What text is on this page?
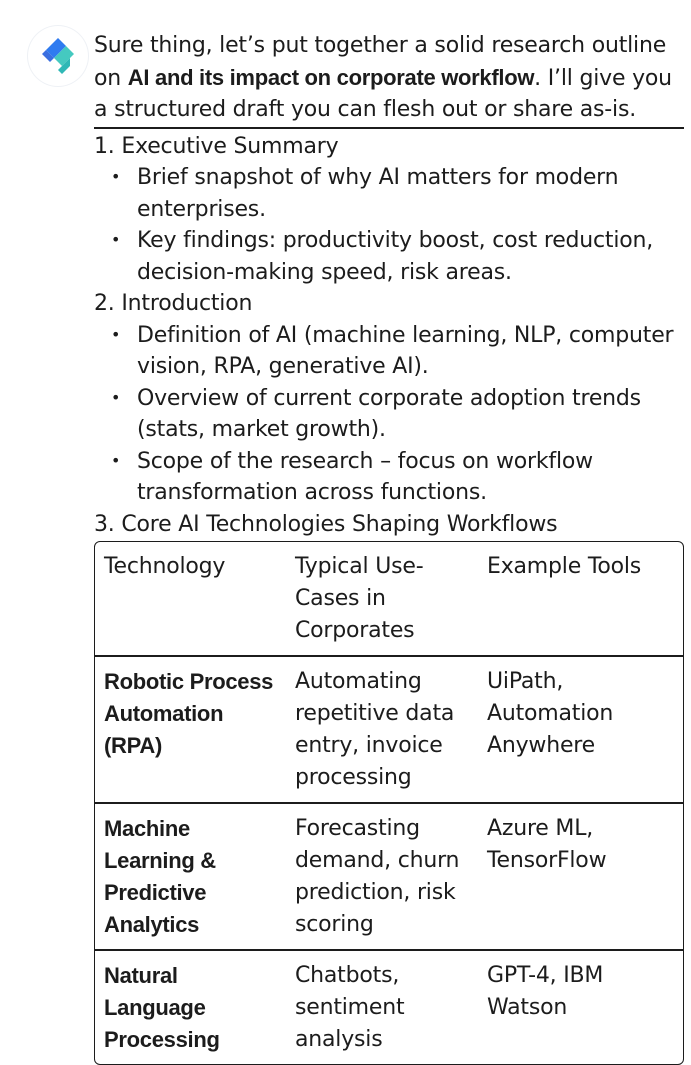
Sure thing, let’s put together a solid research outline on AI and its impact on corporate workflow. I’ll give you a structured draft you can flesh out or share as-is.

1. Executive Summary

• Brief snapshot of why AI matters for modern enterprises.
• Key findings: productivity boost, cost reduction, decision-making speed, risk areas.

2. Introduction

• Definition of AI (machine learning, NLP, computer vision, RPA, generative AI).
• Overview of current corporate adoption trends (stats, market growth).
• Scope of the research – focus on workflow transformation across functions.

3. Core AI Technologies Shaping Workflows

Technology	Typical Use-Cases in Corporates	Example Tools
Robotic Process Automation (RPA)	Automating repetitive data entry, invoice processing	UiPath, Automation Anywhere
Machine Learning & Predictive Analytics	Forecasting demand, churn prediction, risk scoring	Azure ML, TensorFlow
Natural Language Processing	Chatbots, sentiment analysis	GPT-4, IBM Watson
